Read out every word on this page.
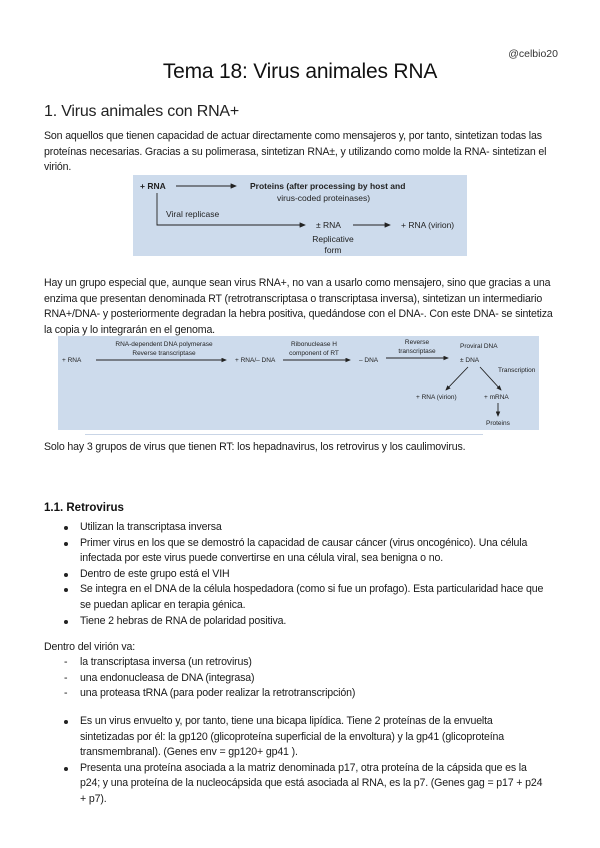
@celbio20
Tema 18: Virus animales RNA
1. Virus animales con RNA+
Son aquellos que tienen capacidad de actuar directamente como mensajeros y, por tanto, sintetizan todas las proteínas necesarias. Gracias a su polimerasa, sintetizan RNA±, y utilizando como molde la RNA- sintetizan el virión.
+ RNA	Proteins (after processing by host and
virus-coded proteinases)
Viral replicase
± RNA	+ RNA (virion)
Replicative
form
Hay un grupo especial que, aunque sean virus RNA+, no van a usarlo como mensajero, sino que gracias a una enzima que presentan denominada RT (retrotranscriptasa o transcriptasa inversa), sintetizan un intermediario RNA+/DNA- y posteriormente degradan la hebra positiva, quedándose con el DNA-. Con este DNA- se sintetiza la copia y lo integrarán en el genoma.
+ RNA
RNA-dependent DNA polymerase
Reverse transcriptase
+ RNA/– DNA
Ribonuclease H
component of RT
– DNA
Reverse
transcriptase
Proviral DNA
± DNA
Transcription
+ RNA (virion)	+ mRNA
Proteins
Solo hay 3 grupos de virus que tienen RT: los hepadnavirus, los retrovirus y los caulimovirus.
1.1. Retrovirus
Utilizan la transcriptasa inversa
Primer virus en los que se demostró la capacidad de causar cáncer (virus oncogénico). Una célula infectada por este virus puede convertirse en una célula viral, sea benigna o no.
Dentro de este grupo está el VIH
Se integra en el DNA de la célula hospedadora (como si fue un profago). Esta particularidad hace que se puedan aplicar en terapia génica.
Tiene 2 hebras de RNA de polaridad positiva.
Dentro del virión va:
- la transcriptasa inversa (un retrovirus)
- una endonucleasa de DNA (integrasa)
- una proteasa tRNA (para poder realizar la retrotranscripción)
Es un virus envuelto y, por tanto, tiene una bicapa lipídica. Tiene 2 proteínas de la envuelta sintetizadas por él: la gp120 (glicoproteína superficial de la envoltura) y la gp41 (glicoproteína transmembranal). (Genes env = gp120+ gp41 ).
Presenta una proteína asociada a la matriz denominada p17, otra proteína de la cápsida que es la p24; y una proteína de la nucleocápsida que está asociada al RNA, es la p7. (Genes gag = p17 + p24 + p7).
